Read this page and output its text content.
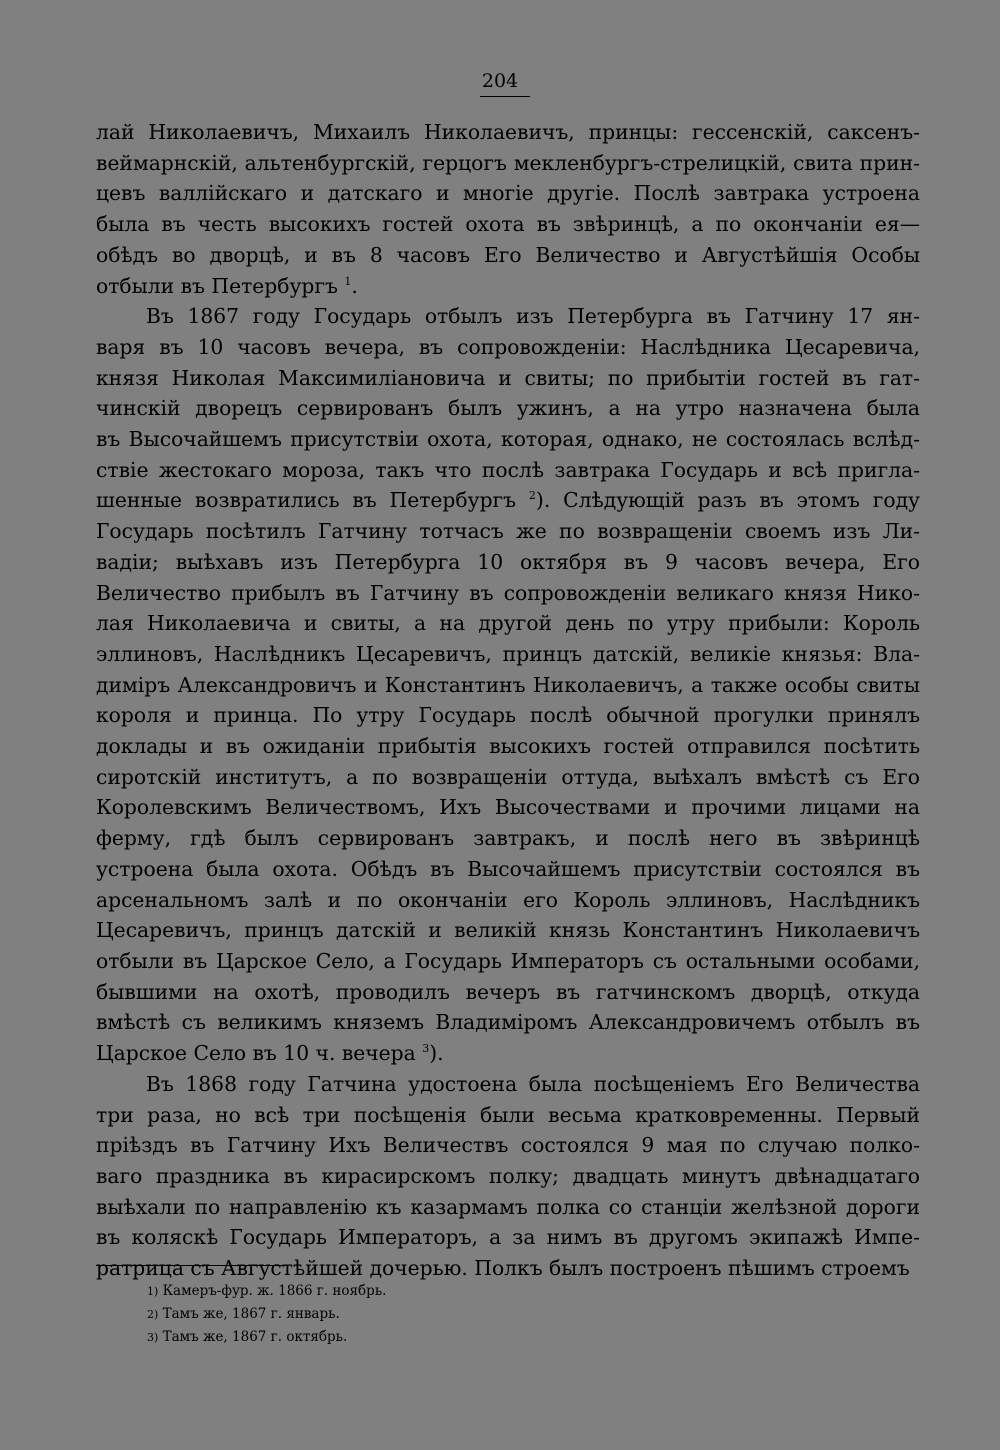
204
лай Николаевичъ, Михаилъ Николаевичъ, принцы: гессенскій, саксенъ-
веймарнскій, альтенбургскій, герцогъ мекленбургъ-стрелицкій, свита прин-
цевъ валлійскаго и датскаго и многіе другіе. Послѣ завтрака устроена
была въ честь высокихъ гостей охота въ звѣринцѣ, а по окончаніи ея—
обѣдъ во дворцѣ, и въ 8 часовъ Его Величество и Августѣйшія Особы
отбыли въ Петербургъ $^1$.
Въ 1867 году Государь отбылъ изъ Петербурга въ Гатчину 17 ян-
варя въ 10 часовъ вечера, въ сопровожденіи: Наслѣдника Цесаревича,
князя Николая Максимиліановича и свиты; по прибытіи гостей въ гат-
чинскій дворецъ сервированъ былъ ужинъ, а на утро назначена была
въ Высочайшемъ присутствіи охота, которая, однако, не состоялась вслѣд-
ствіе жестокаго мороза, такъ что послѣ завтрака Государь и всѣ пригла-
шенные возвратились въ Петербургъ $^2$). Слѣдующій разъ въ этомъ году
Государь посѣтилъ Гатчину тотчасъ же по возвращеніи своемъ изъ Ли-
вадіи; выѣхавъ изъ Петербурга 10 октября въ 9 часовъ вечера, Его
Величество прибылъ въ Гатчину въ сопровожденіи великаго князя Нико-
лая Николаевича и свиты, а на другой день по утру прибыли: Король
эллиновъ, Наслѣдникъ Цесаревичъ, принцъ датскій, великіе князья: Вла-
диміръ Александровичъ и Константинъ Николаевичъ, а также особы свиты
короля и принца. По утру Государь послѣ обычной прогулки принялъ
доклады и въ ожиданіи прибытія высокихъ гостей отправился посѣтить
сиротскій институтъ, а по возвращеніи оттуда, выѣхалъ вмѣстѣ съ Его
Королевскимъ Величествомъ, Ихъ Высочествами и прочими лицами на
ферму, гдѣ былъ сервированъ завтракъ, и послѣ него въ звѣринцѣ
устроена была охота. Обѣдъ въ Высочайшемъ присутствіи состоялся въ
арсенальномъ залѣ и по окончаніи его Король эллиновъ, Наслѣдникъ
Цесаревичъ, принцъ датскій и великій князь Константинъ Николаевичъ
отбыли въ Царское Село, а Государь Императоръ съ остальными особами,
бывшими на охотѣ, проводилъ вечеръ въ гатчинскомъ дворцѣ, откуда
вмѣстѣ съ великимъ княземъ Владиміромъ Александровичемъ отбылъ въ
Царское Село въ 10 ч. вечера $^3$).
Въ 1868 году Гатчина удостоена была посѣщеніемъ Его Величества
три раза, но всѣ три посѣщенія были весьма кратковременны. Первый
пріѣздъ въ Гатчину Ихъ Величествъ состоялся 9 мая по случаю полко-
ваго праздника въ кирасирскомъ полку; двадцать минутъ двѣнадцатаго
выѣхали по направленію къ казармамъ полка со станціи желѣзной дороги
въ коляскѣ Государь Императоръ, а за нимъ въ другомъ экипажѣ Импе-
ратрица съ Августѣйшей дочерью. Полкъ былъ построенъ пѣшимъ строемъ
1) Камеръ-фур. ж. 1866 г. ноябрь.
2) Тамъ же, 1867 г. январь.
3) Тамъ же, 1867 г. октябрь.
